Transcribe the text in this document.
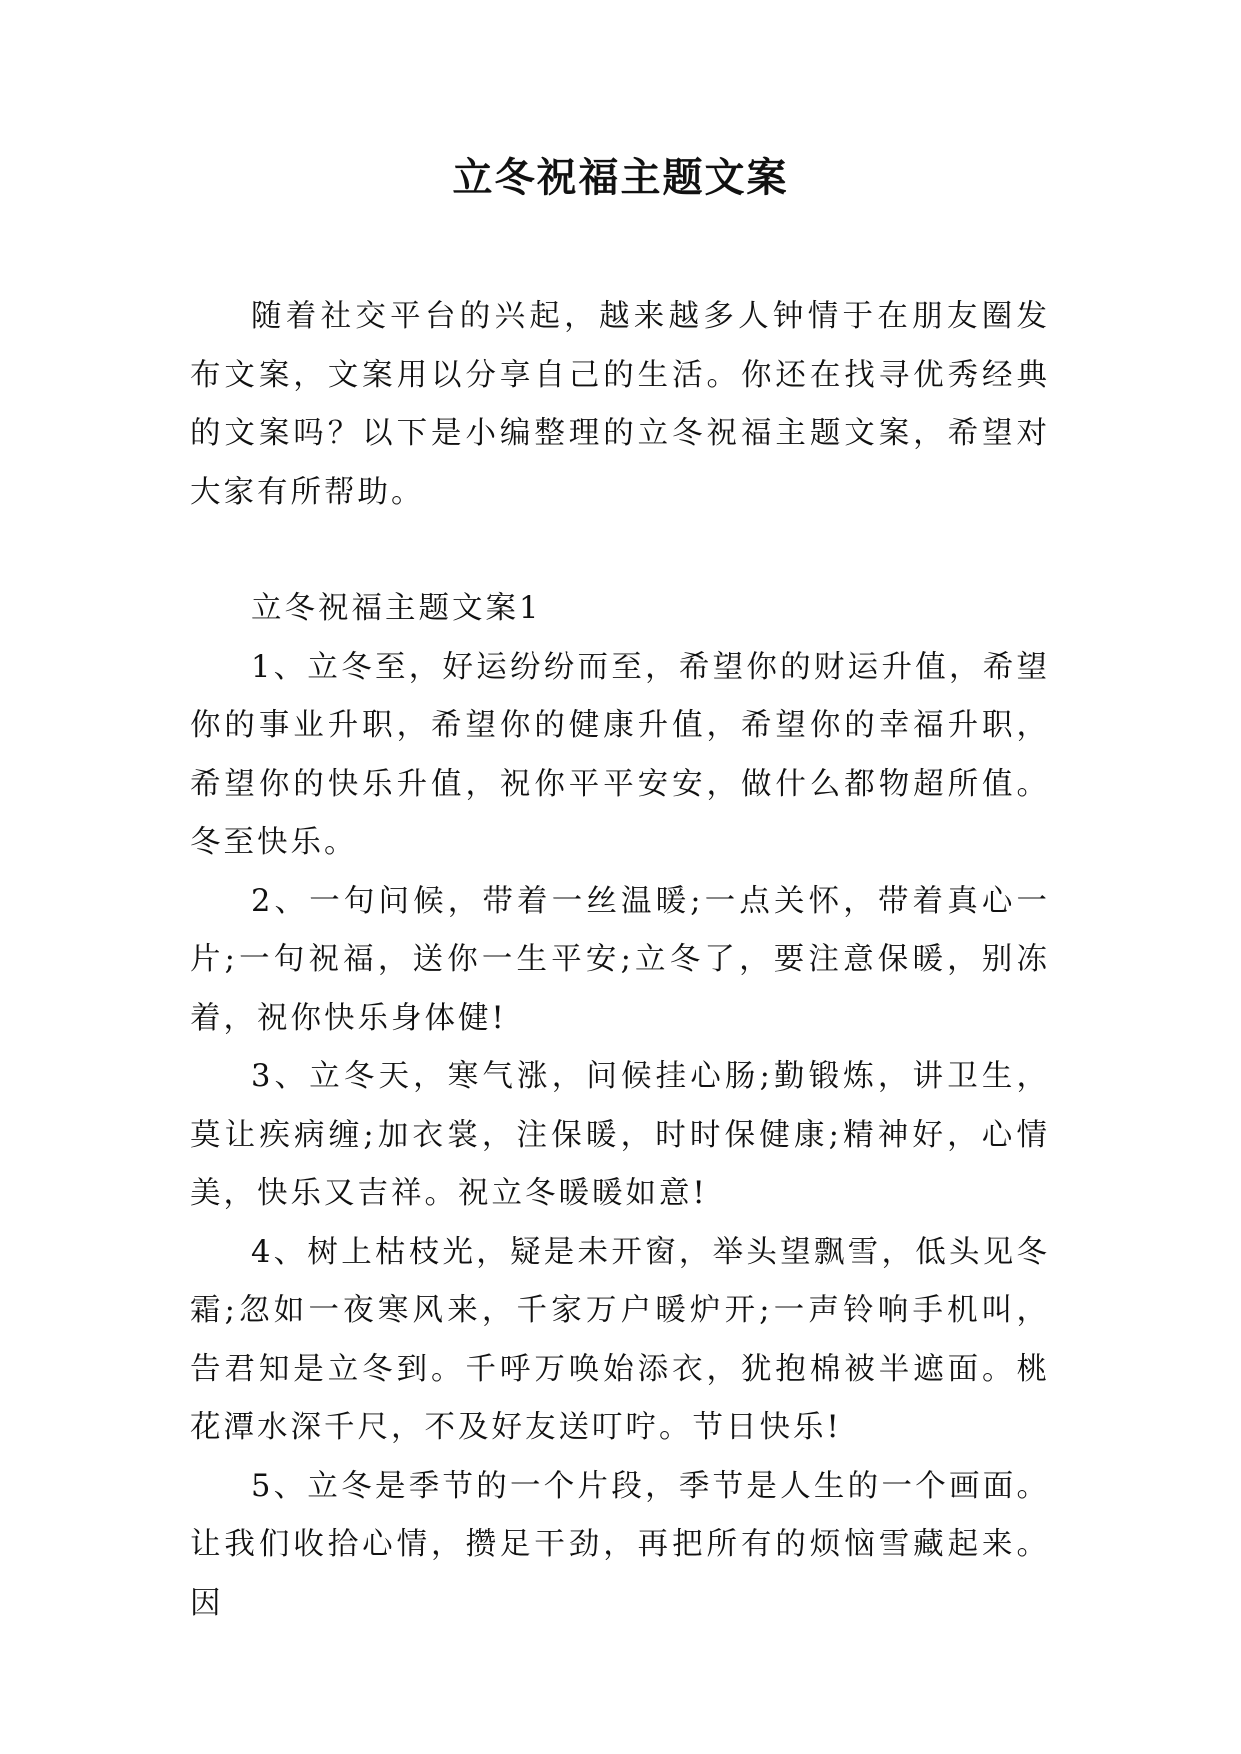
立冬祝福主题文案

随着社交平台的兴起，越来越多人钟情于在朋友圈发布文案，文案用以分享自己的生活。你还在找寻优秀经典的文案吗？以下是小编整理的立冬祝福主题文案，希望对大家有所帮助。

立冬祝福主题文案1

1、立冬至，好运纷纷而至，希望你的财运升值，希望你的事业升职，希望你的健康升值，希望你的幸福升职，希望你的快乐升值，祝你平平安安，做什么都物超所值。冬至快乐。

2、一句问候，带着一丝温暖;一点关怀，带着真心一片;一句祝福，送你一生平安;立冬了，要注意保暖，别冻着，祝你快乐身体健!

3、立冬天，寒气涨，问候挂心肠;勤锻炼，讲卫生，莫让疾病缠;加衣裳，注保暖，时时保健康;精神好，心情美，快乐又吉祥。祝立冬暖暖如意!

4、树上枯枝光，疑是未开窗，举头望飘雪，低头见冬霜;忽如一夜寒风来，千家万户暖炉开;一声铃响手机叫，告君知是立冬到。千呼万唤始添衣，犹抱棉被半遮面。桃花潭水深千尺，不及好友送叮咛。节日快乐!

5、立冬是季节的一个片段，季节是人生的一个画面。让我们收拾心情，攒足干劲，再把所有的烦恼雪藏起来。因
